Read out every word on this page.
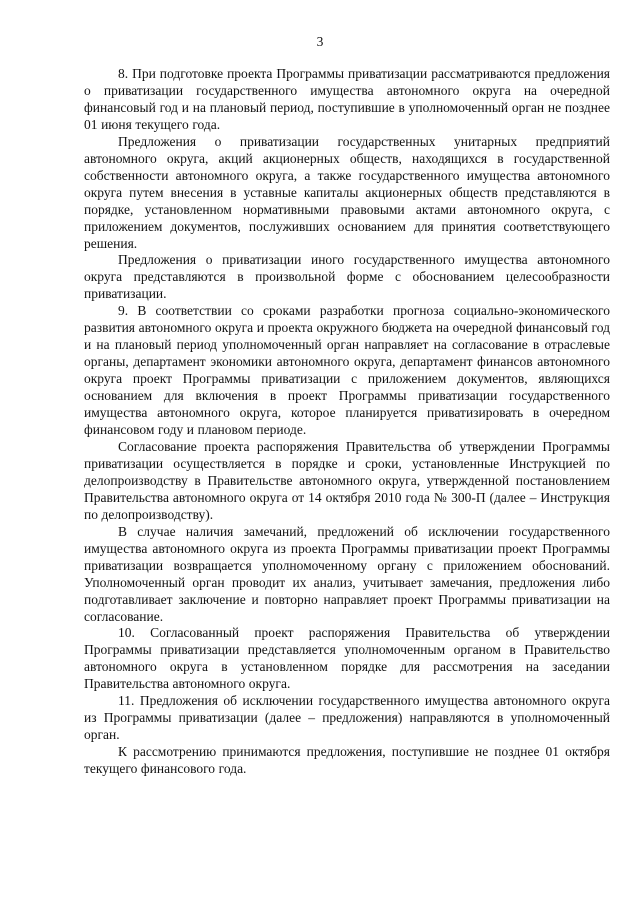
3

8. При подготовке проекта Программы приватизации рассматриваются предложения о приватизации государственного имущества автономного округа на очередной финансовый год и на плановый период, поступившие в уполномоченный орган не позднее 01 июня текущего года.

Предложения о приватизации государственных унитарных предприятий автономного округа, акций акционерных обществ, находящихся в государственной собственности автономного округа, а также государственного имущества автономного округа путем внесения в уставные капиталы акционерных обществ представляются в порядке, установленном нормативными правовыми актами автономного округа, с приложением документов, послуживших основанием для принятия соответствующего решения.

Предложения о приватизации иного государственного имущества автономного округа представляются в произвольной форме с обоснованием целесообразности приватизации.

9. В соответствии со сроками разработки прогноза социально-экономического развития автономного округа и проекта окружного бюджета на очередной финансовый год и на плановый период уполномоченный орган направляет на согласование в отраслевые органы, департамент экономики автономного округа, департамент финансов автономного округа проект Программы приватизации с приложением документов, являющихся основанием для включения в проект Программы приватизации государственного имущества автономного округа, которое планируется приватизировать в очередном финансовом году и плановом периоде.

Согласование проекта распоряжения Правительства об утверждении Программы приватизации осуществляется в порядке и сроки, установленные Инструкцией по делопроизводству в Правительстве автономного округа, утвержденной постановлением Правительства автономного округа от 14 октября 2010 года № 300-П (далее – Инструкция по делопроизводству).

В случае наличия замечаний, предложений об исключении государственного имущества автономного округа из проекта Программы приватизации проект Программы приватизации возвращается уполномоченному органу с приложением обоснований. Уполномоченный орган проводит их анализ, учитывает замечания, предложения либо подготавливает заключение и повторно направляет проект Программы приватизации на согласование.

10. Согласованный проект распоряжения Правительства об утверждении Программы приватизации представляется уполномоченным органом в Правительство автономного округа в установленном порядке для рассмотрения на заседании Правительства автономного округа.

11. Предложения об исключении государственного имущества автономного округа из Программы приватизации (далее – предложения) направляются в уполномоченный орган.

К рассмотрению принимаются предложения, поступившие не позднее 01 октября текущего финансового года.
